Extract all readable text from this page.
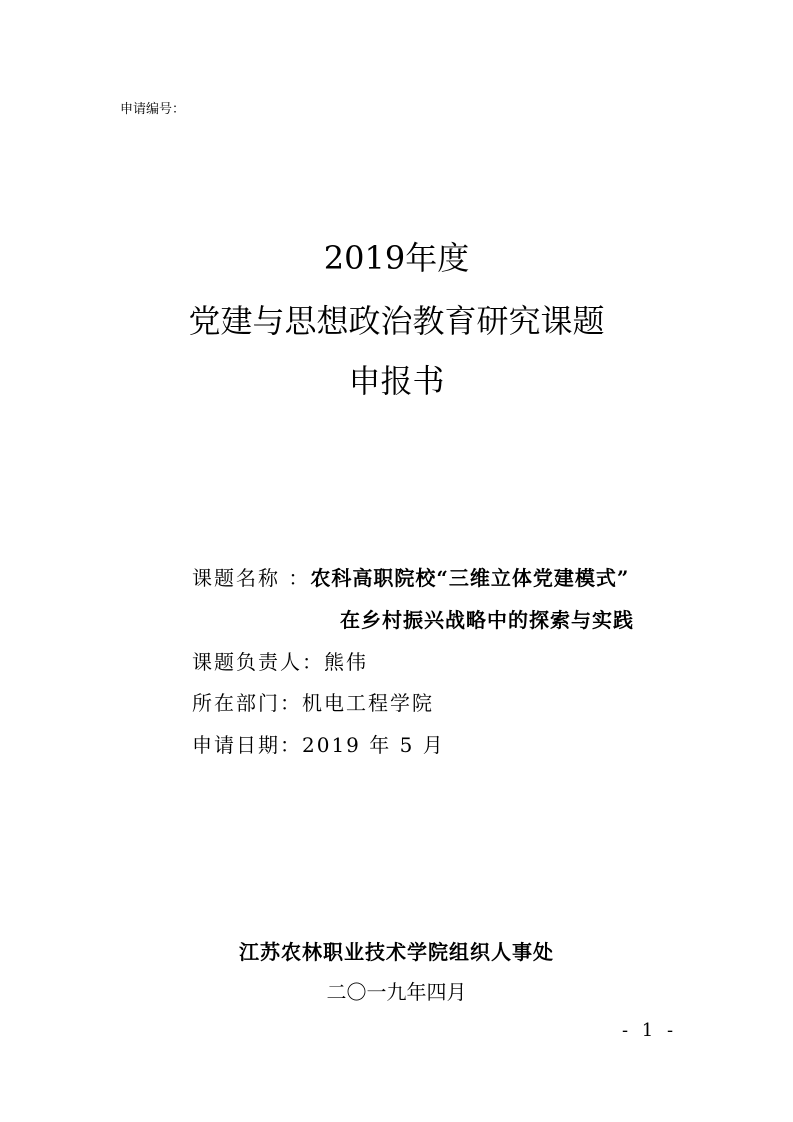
申请编号：
2019年度
党建与思想政治教育研究课题
申报书
课题名称 ：农科高职院校“三维立体党建模式”
在乡村振兴战略中的探索与实践
课题负责人：熊伟
所在部门：机电工程学院
申请日期：2019 年 5 月
江苏农林职业技术学院组织人事处
二〇一九年四月
- 1 -
